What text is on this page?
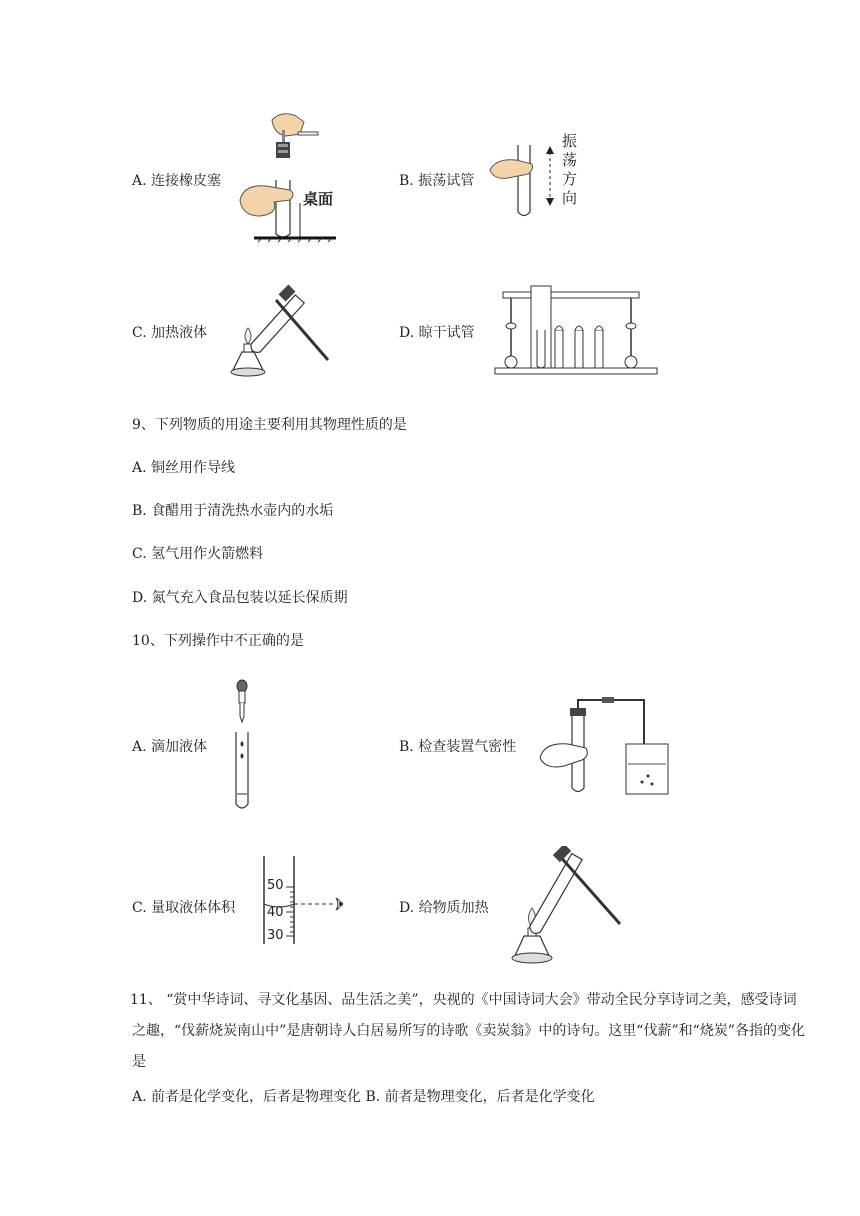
A. 连接橡皮塞
桌面
B. 振荡试管
振
荡
方
向
C. 加热液体	D. 晾干试管
9、下列物质的用途主要利用其物理性质的是
A. 铜丝用作导线
B. 食醋用于清洗热水壶内的水垢
C. 氢气用作火箭燃料
D. 氮气充入食品包装以延长保质期
10、下列操作中不正确的是
A. 滴加液体	B. 检查装置气密性
C. 量取液体体积
50
40
30
D. 给物质加热
11、 “赏中华诗词、寻文化基因、品生活之美”，央视的《中国诗词大会》带动全民分享诗词之美，感受诗词之趣，“伐薪烧炭南山中”是唐朝诗人白居易所写的诗歌《卖炭翁》中的诗句。这里“伐薪”和“烧炭”各指的变化是
A. 前者是化学变化，后者是物理变化 B. 前者是物理变化，后者是化学变化
